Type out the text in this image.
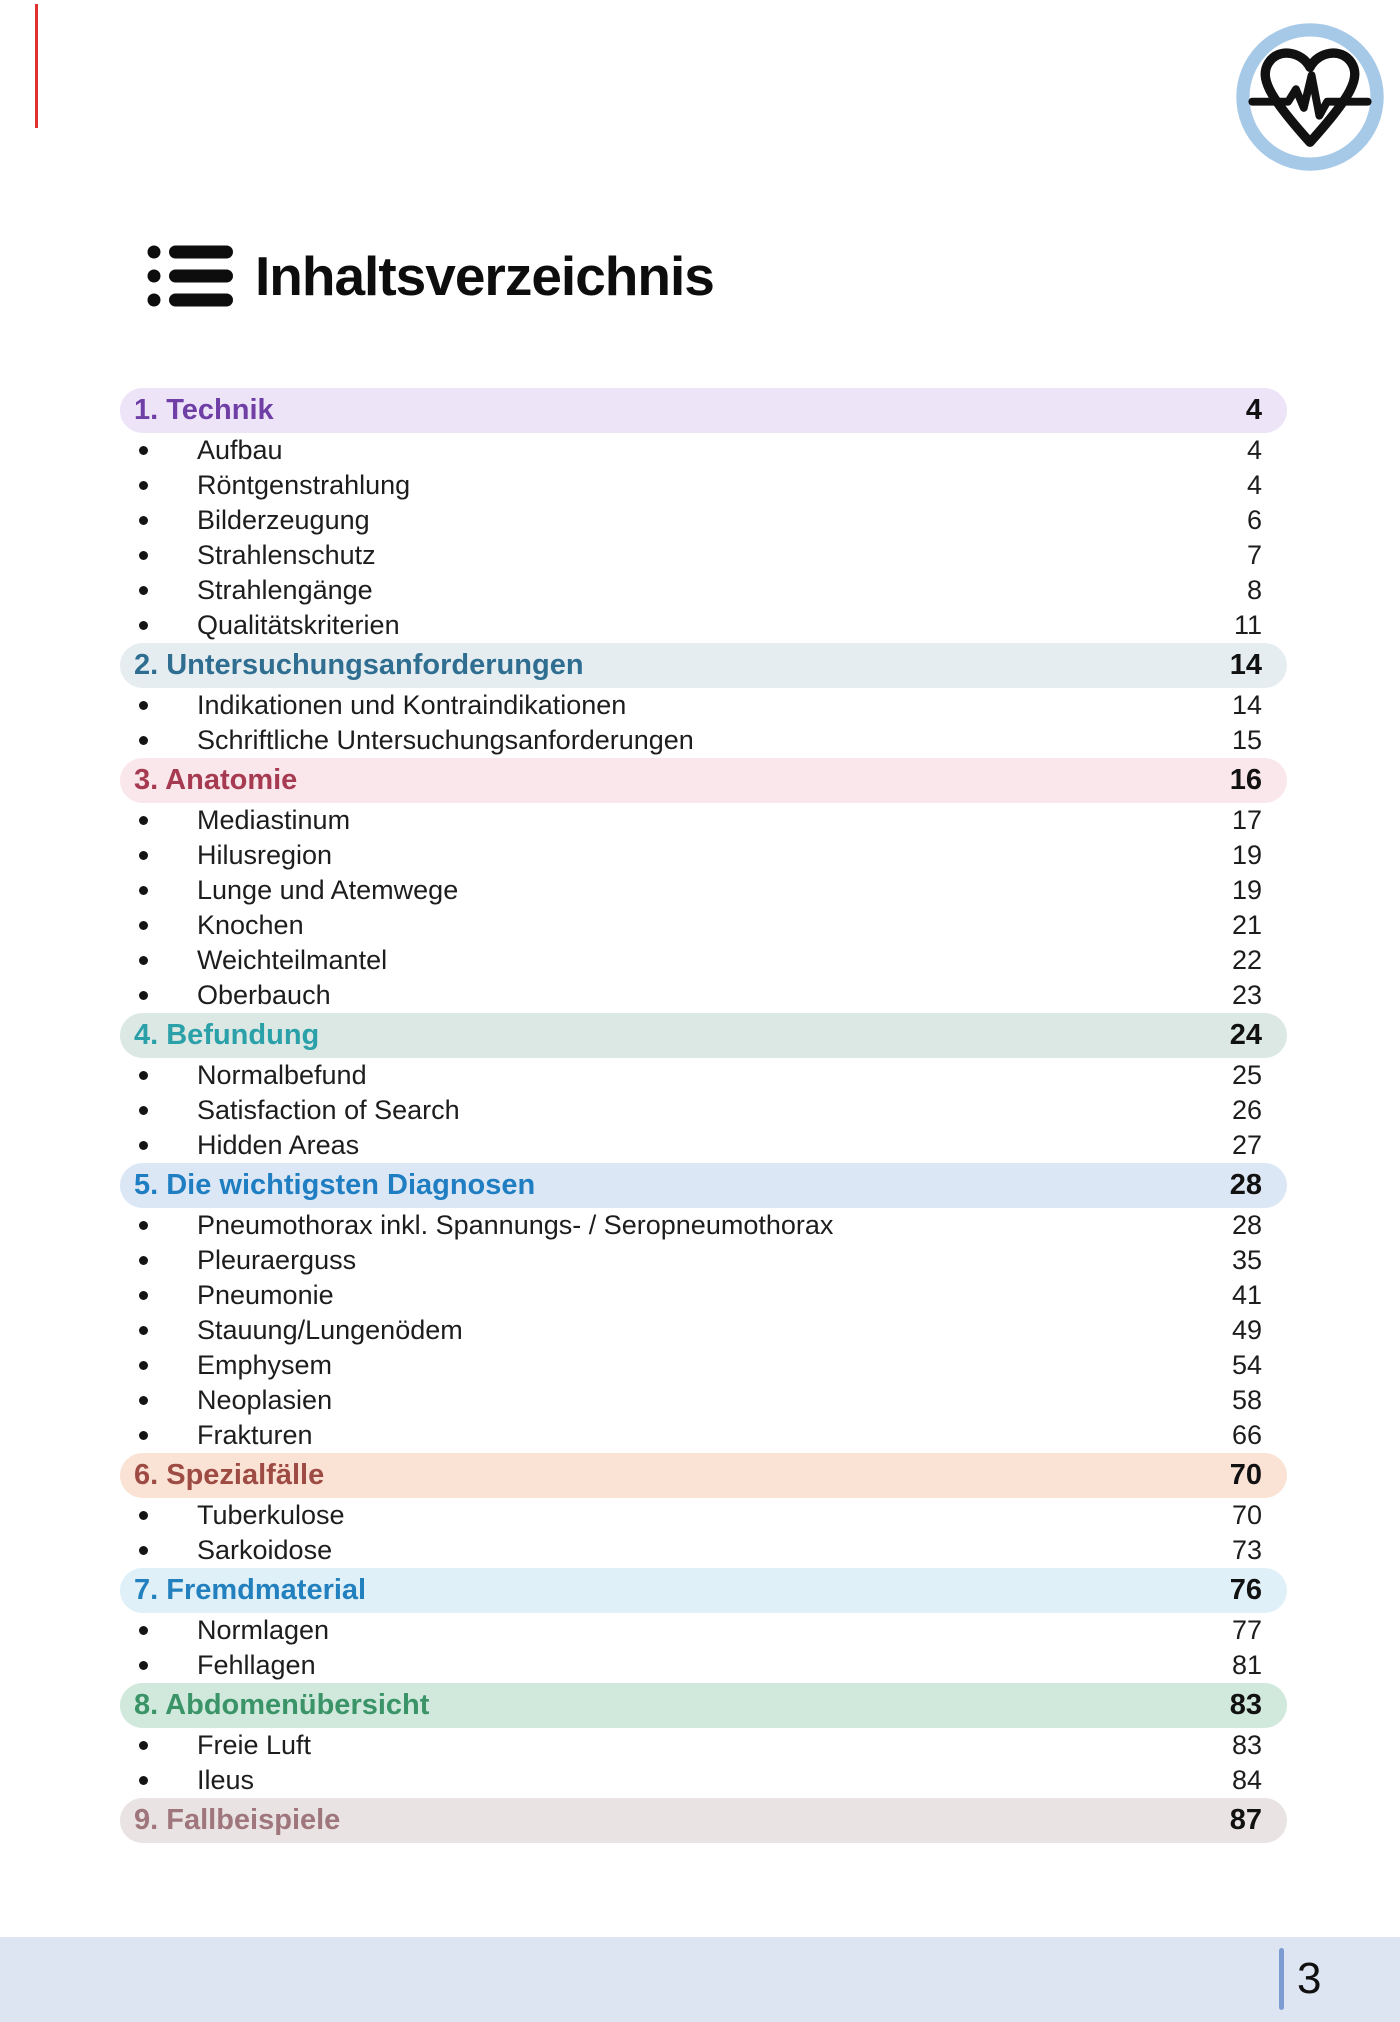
Inhaltsverzeichnis
1. Technik	4
Aufbau	4
Röntgenstrahlung	4
Bilderzeugung	6
Strahlenschutz	7
Strahlengänge	8
Qualitätskriterien	11
2. Untersuchungsanforderungen	14
Indikationen und Kontraindikationen	14
Schriftliche Untersuchungsanforderungen	15
3. Anatomie	16
Mediastinum	17
Hilusregion	19
Lunge und Atemwege	19
Knochen	21
Weichteilmantel	22
Oberbauch	23
4. Befundung	24
Normalbefund	25
Satisfaction of Search	26
Hidden Areas	27
5. Die wichtigsten Diagnosen	28
Pneumothorax inkl. Spannungs- / Seropneumothorax	28
Pleuraerguss	35
Pneumonie	41
Stauung/Lungenödem	49
Emphysem	54
Neoplasien	58
Frakturen	66
6. Spezialfälle	70
Tuberkulose	70
Sarkoidose	73
7. Fremdmaterial	76
Normlagen	77
Fehllagen	81
8. Abdomenübersicht	83
Freie Luft	83
Ileus	84
9. Fallbeispiele	87
3
